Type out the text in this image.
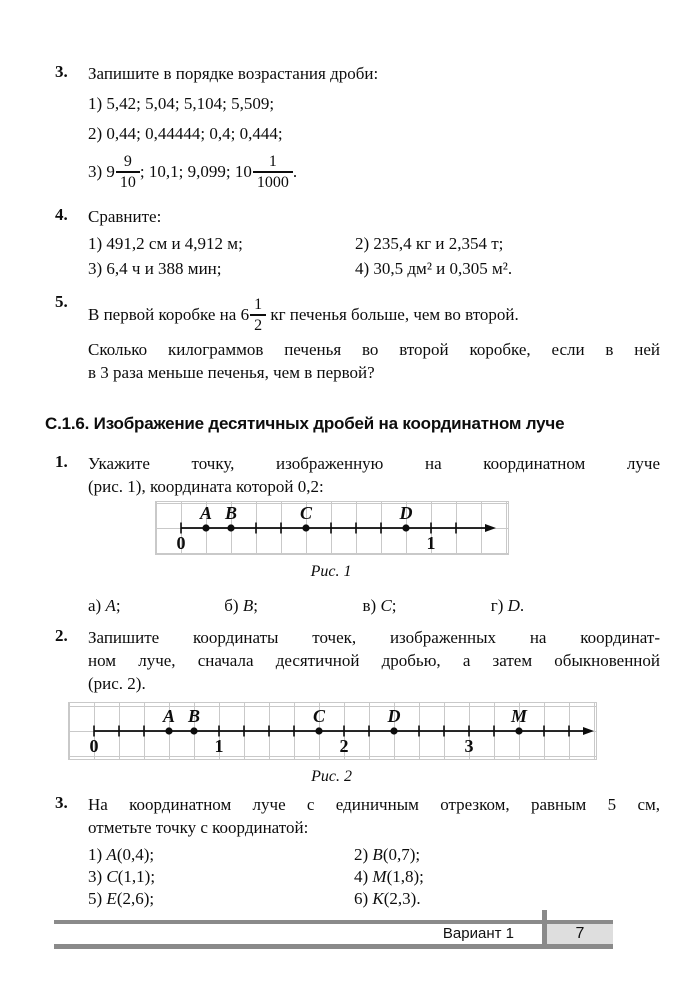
3.	Запишите в порядке возрастания дроби:
1) 5,42; 5,04; 5,104; 5,509;
2) 0,44; 0,44444; 0,4; 0,444;
3) $9 \frac{9}{10}$ ; 10,1; 9,099; $10 \frac{1}{1000}$ .
4.	Сравните:
1) 491,2 см и 4,912 м;	2) 235,4 кг и 2,354 т;
3) 6,4 ч и 388 мин;	4) 30,5 дм² и 0,305 м².
5.
В первой коробке на $6 \frac{1}{2}$ кг печенья больше, чем во второй.
Сколько килограммов печенья во второй коробке, если в ней
в 3 раза меньше печенья, чем в первой?
С.1.6. Изображение десятичных дробей на координатном луче
1.	Укажите точку, изображенную на координатном луче
(рис. 1), координата которой 0,2:
A B	C	D
0	1
Рис. 1
а) A;	б) B;	в) C;	г) D.
2.	Запишите координаты точек, изображенных на координат-
ном луче, сначала десятичной дробью, а затем обыкновенной
(рис. 2).
A B	C	D	M
0	1	2	3
Рис. 2
3.	На координатном луче с единичным отрезком, равным 5 см,
отметьте точку с координатой:
1) A(0,4);	2) B(0,7);
3) C(1,1);	4) M(1,8);
5) E(2,6);	6) K(2,3).
Вариант 1	7
